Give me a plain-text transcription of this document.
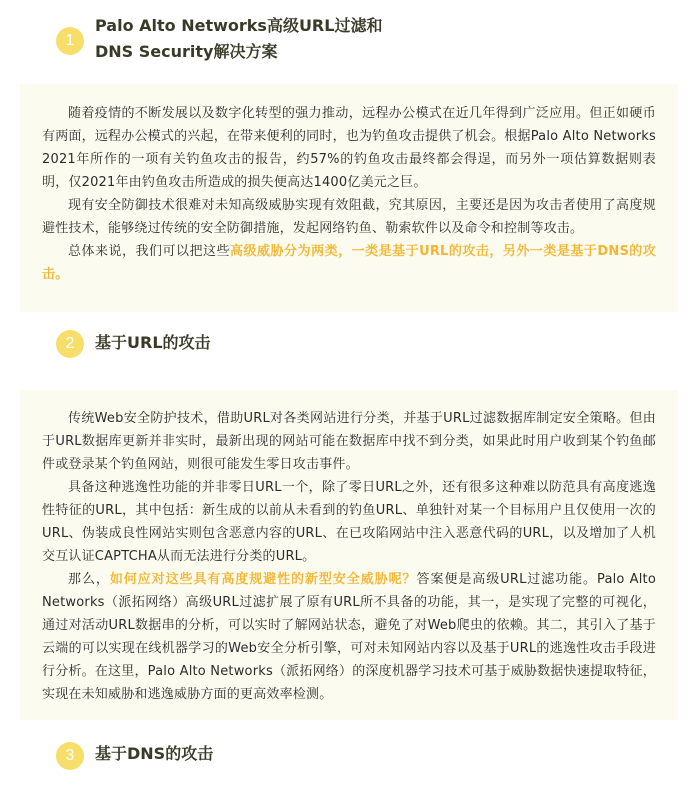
1
Palo Alto Networks高级URL过滤和
DNS Security解决方案

随着疫情的不断发展以及数字化转型的强力推动，远程办公模式在近几年得到广泛应用。但正如硬币有两面，远程办公模式的兴起，在带来便利的同时，也为钓鱼攻击提供了机会。根据Palo Alto Networks 2021年所作的一项有关钓鱼攻击的报告，约57%的钓鱼攻击最终都会得逞，而另外一项估算数据则表明，仅2021年由钓鱼攻击所造成的损失便高达1400亿美元之巨。

现有安全防御技术很难对未知高级威胁实现有效阻截，究其原因，主要还是因为攻击者使用了高度规避性技术，能够绕过传统的安全防御措施，发起网络钓鱼、勒索软件以及命令和控制等攻击。

总体来说，我们可以把这些高级威胁分为两类，一类是基于URL的攻击，另外一类是基于DNS的攻击。

2	基于URL的攻击

传统Web安全防护技术，借助URL对各类网站进行分类，并基于URL过滤数据库制定安全策略。但由于URL数据库更新并非实时，最新出现的网站可能在数据库中找不到分类，如果此时用户收到某个钓鱼邮件或登录某个钓鱼网站，则很可能发生零日攻击事件。

具备这种逃逸性功能的并非零日URL一个，除了零日URL之外，还有很多这种难以防范具有高度逃逸性特征的URL，其中包括：新生成的以前从未看到的钓鱼URL、单独针对某一个目标用户且仅使用一次的URL、伪装成良性网站实则包含恶意内容的URL、在已攻陷网站中注入恶意代码的URL，以及增加了人机交互认证CAPTCHA从而无法进行分类的URL。

那么，如何应对这些具有高度规避性的新型安全威胁呢？答案便是高级URL过滤功能。Palo Alto Networks（派拓网络）高级URL过滤扩展了原有URL所不具备的功能，其一，是实现了完整的可视化，通过对活动URL数据串的分析，可以实时了解网站状态，避免了对Web爬虫的依赖。其二，其引入了基于云端的可以实现在线机器学习的Web安全分析引擎，可对未知网站内容以及基于URL的逃逸性攻击手段进行分析。在这里，Palo Alto Networks（派拓网络）的深度机器学习技术可基于威胁数据快速提取特征，实现在未知威胁和逃逸威胁方面的更高效率检测。

3	基于DNS的攻击
